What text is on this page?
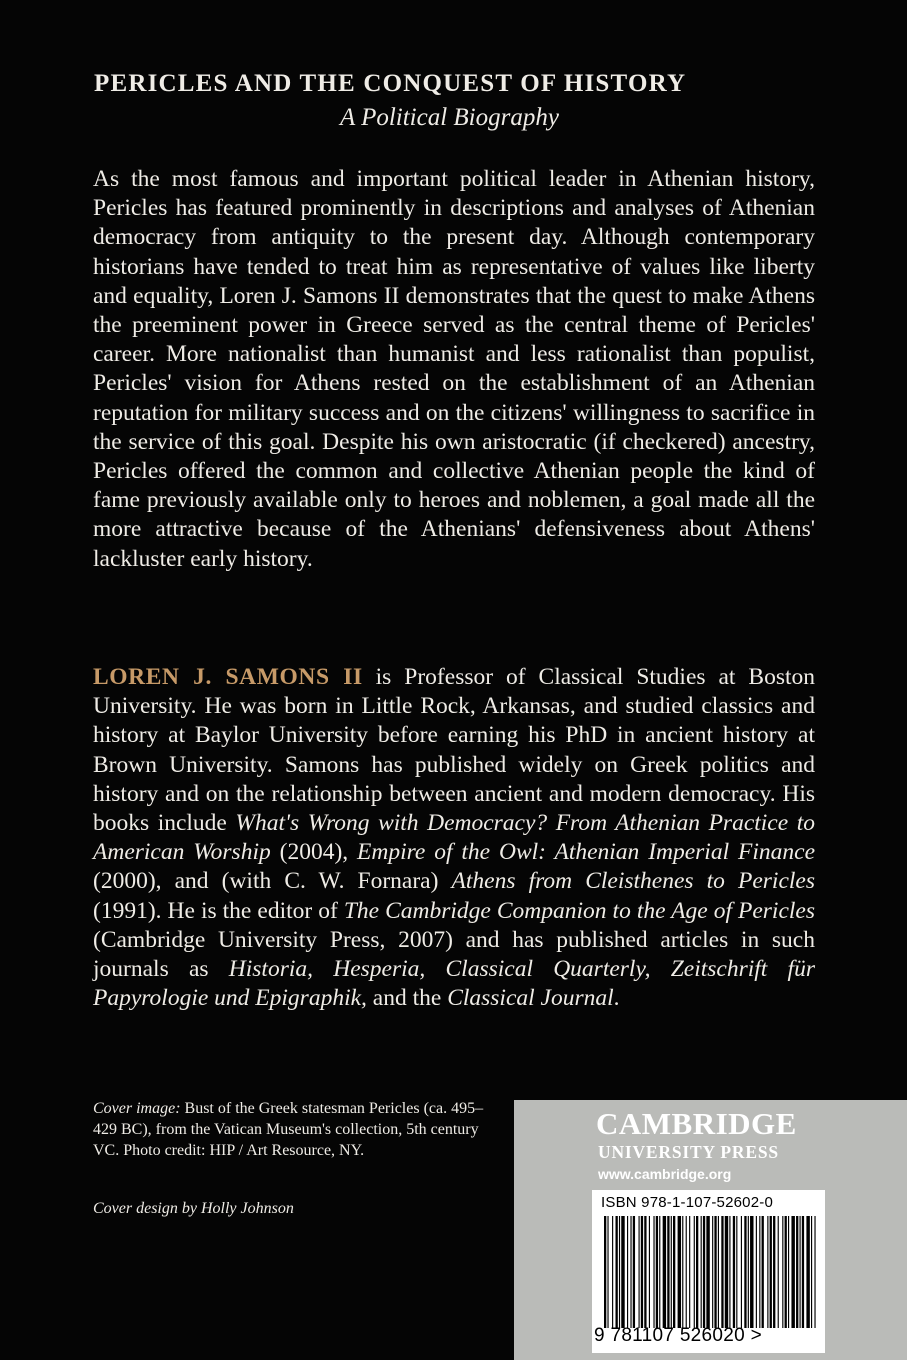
PERICLES AND THE CONQUEST OF HISTORY
A Political Biography

As the most famous and important political leader in Athenian history, Pericles has featured prominently in descriptions and analyses of Athenian democracy from antiquity to the present day. Although contemporary historians have tended to treat him as representative of values like liberty and equality, Loren J. Samons II demonstrates that the quest to make Athens the preeminent power in Greece served as the central theme of Pericles' career. More nationalist than humanist and less rationalist than populist, Pericles' vision for Athens rested on the establishment of an Athenian reputation for military success and on the citizens' willingness to sacrifice in the service of this goal. Despite his own aristocratic (if checkered) ancestry, Pericles offered the common and collective Athenian people the kind of fame previously available only to heroes and noblemen, a goal made all the more attractive because of the Athenians' defensiveness about Athens' lackluster early history.

LOREN J. SAMONS II is Professor of Classical Studies at Boston University. He was born in Little Rock, Arkansas, and studied classics and history at Baylor University before earning his PhD in ancient history at Brown University. Samons has published widely on Greek politics and history and on the relationship between ancient and modern democracy. His books include What's Wrong with Democracy? From Athenian Practice to American Worship (2004), Empire of the Owl: Athenian Imperial Finance (2000), and (with C. W. Fornara) Athens from Cleisthenes to Pericles (1991). He is the editor of The Cambridge Companion to the Age of Pericles (Cambridge University Press, 2007) and has published articles in such journals as Historia, Hesperia, Classical Quarterly, Zeitschrift für Papyrologie und Epigraphik, and the Classical Journal.

Cover image: Bust of the Greek statesman Pericles (ca. 495–429 BC), from the Vatican Museum's collection, 5th century VC. Photo credit: HIP / Art Resource, NY.

Cover design by Holly Johnson

CAMBRIDGE
UNIVERSITY PRESS
www.cambridge.org
ISBN 978-1-107-52602-0
9 781107 526020 >
